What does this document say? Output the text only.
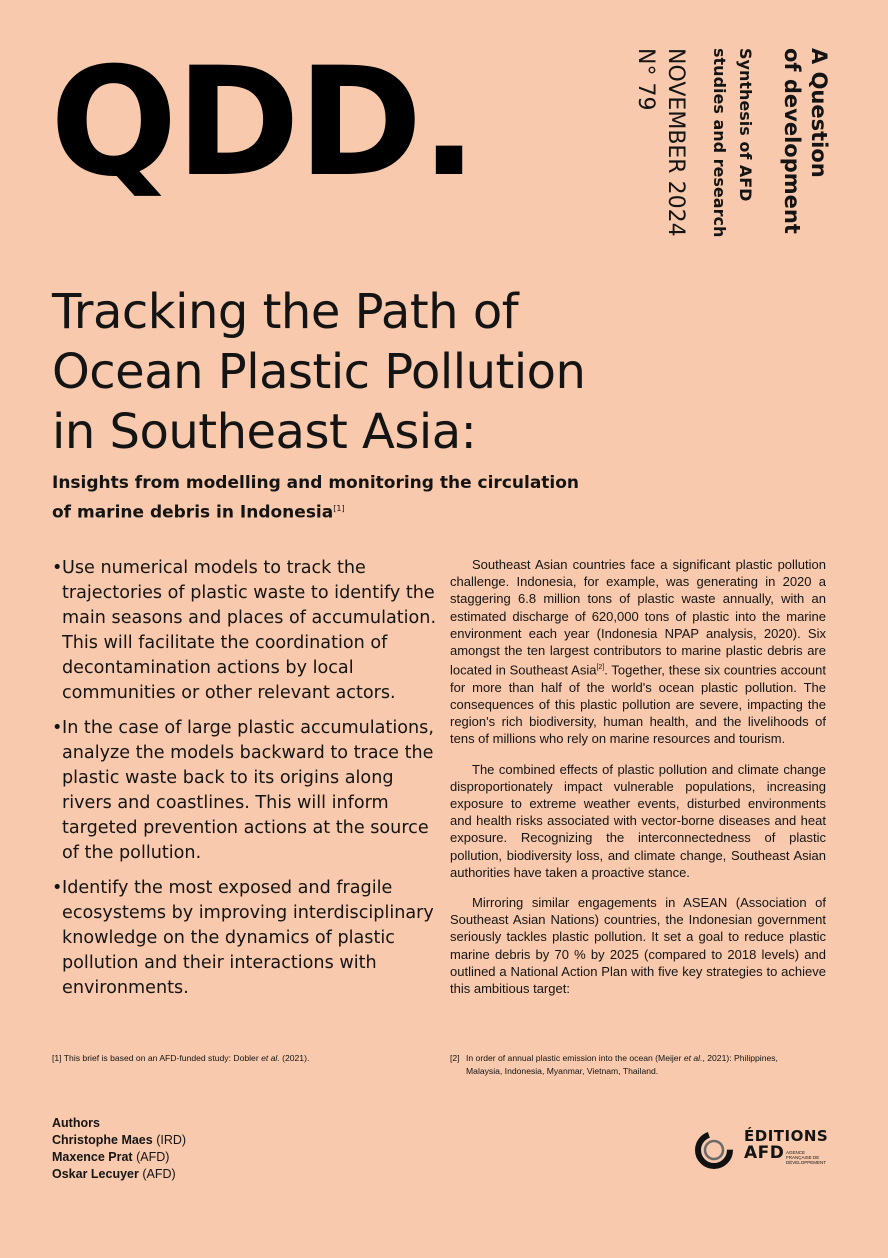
QDD.	A Question
of development
Synthesis of AFD
studies and research
NOVEMBER 2024
N° 79
Tracking the Path of
Ocean Plastic Pollution
in Southeast Asia:
Insights from modelling and monitoring the circulation
of marine debris in Indonesia[1]
• Use numerical models to track the trajectories of plastic waste to identify the main seasons and places of accumulation. This will facilitate the coordination of decontamination actions by local communities or other relevant actors.
• In the case of large plastic accumulations, analyze the models backward to trace the plastic waste back to its origins along rivers and coastlines. This will inform targeted prevention actions at the source of the pollution.
• Identify the most exposed and fragile ecosystems by improving interdisciplinary knowledge on the dynamics of plastic pollution and their interactions with environments.

Southeast Asian countries face a significant plastic pollution challenge. Indonesia, for example, was generating in 2020 a staggering 6.8 million tons of plastic waste annually, with an estimated discharge of 620,000 tons of plastic into the marine environment each year (Indonesia NPAP analysis, 2020). Six amongst the ten largest contributors to marine plastic debris are located in Southeast Asia[2]. Together, these six countries account for more than half of the world's ocean plastic pollution. The consequences of this plastic pollution are severe, impacting the region's rich biodiversity, human health, and the livelihoods of tens of millions who rely on marine resources and tourism.

The combined effects of plastic pollution and climate change disproportionately impact vulnerable populations, increasing exposure to extreme weather events, disturbed environments and health risks associated with vector-borne diseases and heat exposure. Recognizing the interconnectedness of plastic pollution, biodiversity loss, and climate change, Southeast Asian authorities have taken a proactive stance.

Mirroring similar engagements in ASEAN (Association of Southeast Asian Nations) countries, the Indonesian government seriously tackles plastic pollution. It set a goal to reduce plastic marine debris by 70 % by 2025 (compared to 2018 levels) and outlined a National Action Plan with five key strategies to achieve this ambitious target:

[1] This brief is based on an AFD-funded study: Dobler et al. (2021).	[2] In order of annual plastic emission into the ocean (Meijer et al., 2021): Philippines,
Malaysia, Indonesia, Myanmar, Vietnam, Thailand.
Authors
Christophe Maes (IRD)
Maxence Prat (AFD)
Oskar Lecuyer (AFD)
ÉDITIONS
AFD AGENCE FRANÇAISE DE DÉVELOPPEMENT
